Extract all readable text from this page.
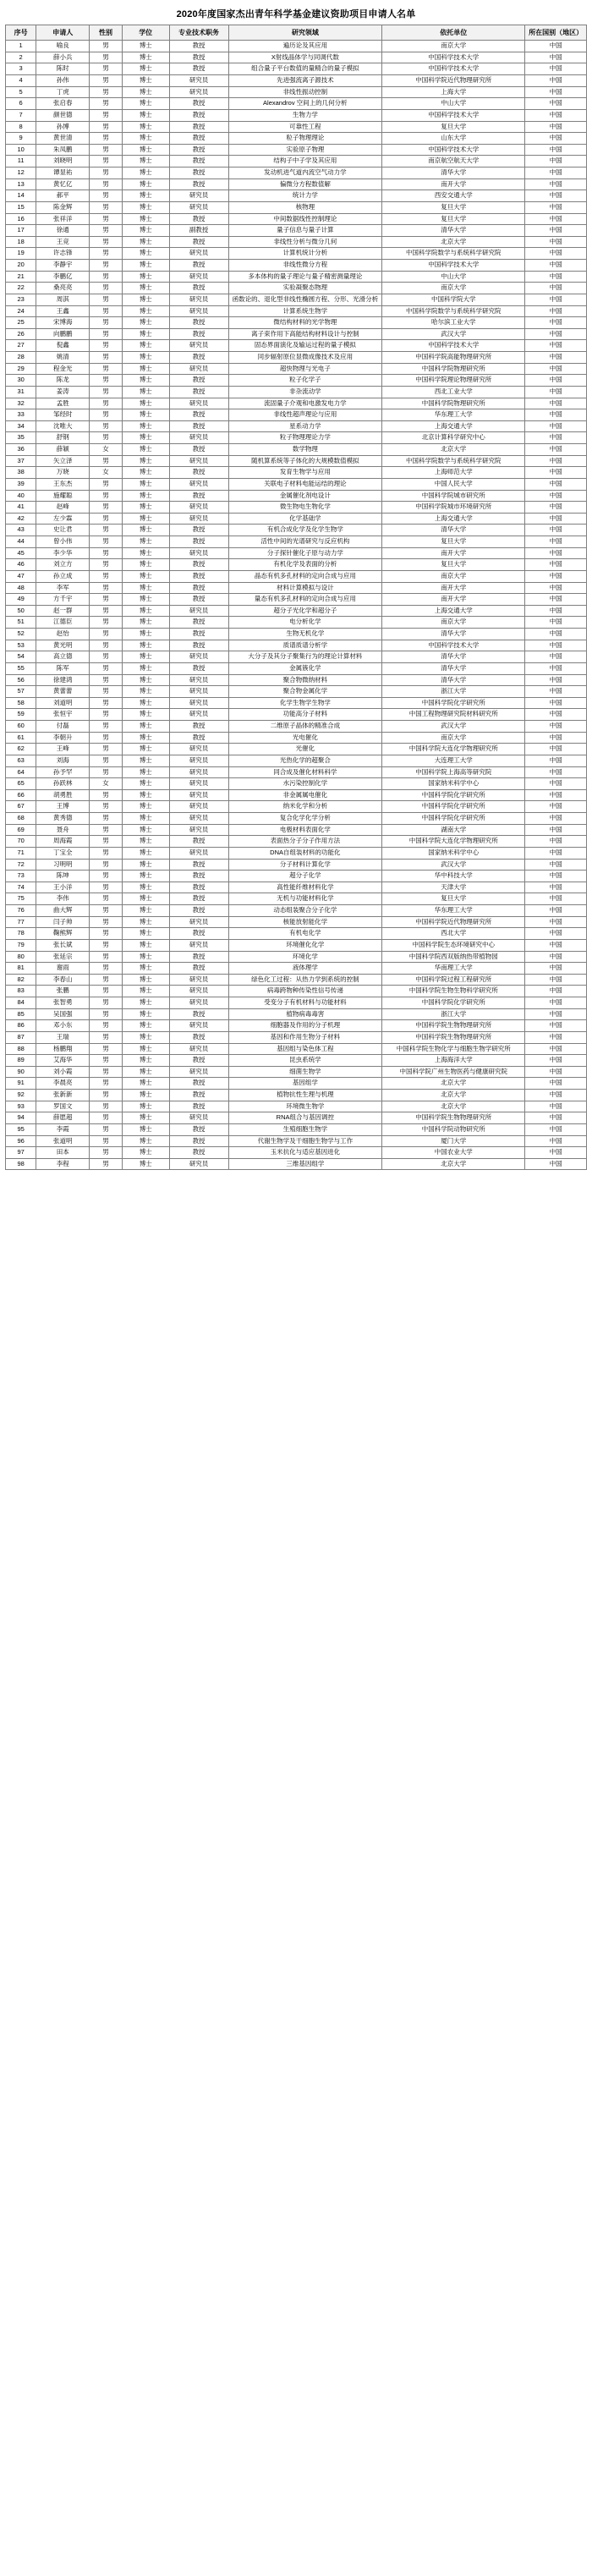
2020年度国家杰出青年科学基金建议资助项目申请人名单
序号	申请人	性别	学位	专业技术职务	研究领域	依托单位	所在国别（地区）
1	喻良	男	博士	教授	遍历论及其应用	南京大学	中国
2	薛小兵	男	博士	教授	X射线晶体学与同调代数	中国科学技术大学	中国
3	陈时	男	博士	教授	组合量子平台数值的量精合的量子模拟	中国科学技术大学	中国
4	孙伟	男	博士	研究员	先进强流离子源技术	中国科学院近代物理研究所	中国
5	丁虎	男	博士	研究员	非线性振动控制	上海大学	中国
6	张启春	男	博士	教授	Alexandrov 空间上的几何分析	中山大学	中国
7	颜世德	男	博士	教授	生物力学	中国科学技术大学	中国
8	孙博	男	博士	教授	可靠性工程	复旦大学	中国
9	黄世清	男	博士	教授	粒子物理理论	山东大学	中国
10	朱凤鹏	男	博士	教授	实验原子物理	中国科学技术大学	中国
11	刘晓明	男	博士	教授	结构子中子学及其应用	南京航空航天大学	中国
12	谭显祐	男	博士	教授	发动机进气道内流空气动力学	清华大学	中国
13	黄忆亿	男	博士	教授	偏微分方程数值解	南开大学	中国
14	郝平	男	博士	研究员	统计力学	西安交通大学	中国
15	陈金辉	男	博士	研究员	核物理	复旦大学	中国
16	张祥洋	男	博士	教授	中间数据线性控制理论	复旦大学	中国
17	徐通	男	博士	副教授	量子信息与量子计算	清华大学	中国
18	王竞	男	博士	教授	非线性分析与微分几何	北京大学	中国
19	许志锋	男	博士	研究员	计算机统计分析	中国科学院数学与系统科学研究院	中国
20	李静宇	男	博士	教授	非线性微分方程	中国科学技术大学	中国
21	李鹏亿	男	博士	研究员	多本体构的量子理论与量子精密测量理论	中山大学	中国
22	桑亮亮	男	博士	教授	实验凝聚态物理	南京大学	中国
23	周淇	男	博士	研究员	函数论的、退化型非线性椭圆方程、分形、光滑分析	中国科学院大学	中国
24	王鑫	男	博士	研究员	计算系统生物学	中国科学院数学与系统科学研究院	中国
25	宋博海	男	博士	教授	微结构材料的光学物理	哈尔滨工业大学	中国
26	向鹏鹏	男	博士	教授	离子束作用下高能结构材料设计与控制	武汉大学	中国
27	倪鑫	男	博士	研究员	固态界面演化及输运过程的量子模拟	中国科学技术大学	中国
28	姚清	男	博士	教授	同步辐射原位显微成像技术及应用	中国科学院高能物理研究所	中国
29	程金光	男	博士	研究员	超快物理与光电子	中国科学院物理研究所	中国
30	陈龙	男	博士	教授	粒子化学子	中国科学院理论物理研究所	中国
31	姜涛	男	博士	教授	非杂流动学	西北工业大学	中国
32	孟胜	男	博士	研究员	流固量子介观和电激发电力学	中国科学院物理研究所	中国
33	邹经时	男	博士	教授	非线性超声理论与应用	华东理工大学	中国
34	沈唯大	男	博士	教授	星系动力学	上海交通大学	中国
35	舒钢	男	博士	研究员	粒子物理理论力学	北京计算科学研究中心	中国
36	薛颖	女	博士	教授	数学物理	北京大学	中国
37	矢立泽	男	博士	研究员	随机算系统等子体化的大规模数值模拟	中国科学院数学与系统科学研究院	中国
38	万晓	女	博士	教授	发育生物学与应用	上海师范大学	中国
39	王东杰	男	博士	研究员	关联电子材料电能运结的理论	中国人民大学	中国
40	施耀聪	男	博士	教授	金属催化剂电设计	中国科学院城市研究所	中国
41	赵峰	男	博士	研究员	微生物电生物化学	中国科学院城市环境研究所	中国
42	左少霖	男	博士	研究员	化学基础学	上海交通大学	中国
43	史让君	男	博士	教授	有机合成化学及化学生物学	清华大学	中国
44	曾小伟	男	博士	教授	活性中间的光谱研究与反应机构	复旦大学	中国
45	李少华	男	博士	研究员	分子探针催化子原与动力学	南开大学	中国
46	刘立方	男	博士	教授	有机化学及表面的分析	复旦大学	中国
47	孙立成	男	博士	教授	晶态有机多孔材料的定向合成与应用	南京大学	中国
48	李军	男	博士	教授	材料计算模拟与设计	南开大学	中国
49	方千宇	男	博士	教授	量态有机多孔材料的定向合成与应用	南开大学	中国
50	赵一群	男	博士	研究员	超分子光化学和超分子	上海交通大学	中国
51	江德臣	男	博士	教授	电分析化学	南京大学	中国
52	赵怡	男	博士	教授	生物无机化学	清华大学	中国
53	黄光明	男	博士	教授	质谱质谱分析学	中国科学技术大学	中国
54	高立德	男	博士	研究员	大分子及其分子聚集行为的理论计算材料	清华大学	中国
55	陈军	男	博士	教授	金属簇化学	清华大学	中国
56	徐建鸿	男	博士	研究员	聚合物微纳材料	清华大学	中国
57	黄蕾蕾	男	博士	研究员	聚合物金属化学	浙江大学	中国
58	刘道明	男	博士	研究员	化学生物学生物学	中国科学院化学研究所	中国
59	张恒宇	男	博士	研究员	功能高分子材料	中国工程物理研究院材料研究所	中国
60	付磊	男	博士	教授	二维原子晶体的精准合成	武汉大学	中国
61	李朝升	男	博士	教授	光电催化	南京大学	中国
62	王峰	男	博士	研究员	光催化	中国科学院大连化学物理研究所	中国
63	刘海	男	博士	研究员	光热化学的超聚合	大连理工大学	中国
64	孙予罕	男	博士	研究员	同合成及催化材料科学	中国科学院上海高等研究院	中国
65	孙跃林	女	博士	研究员	水污染控制化学	国家纳米科学中心	中国
66	胡勇胜	男	博士	研究员	非金属属电催化	中国科学院化学研究所	中国
67	王博	男	博士	研究员	纳米化学和分析	中国科学院化学研究所	中国
68	黄秀德	男	博士	研究员	复合化学化学分析	中国科学院化学研究所	中国
69	聂舟	男	博士	研究员	电极材料表面化学	湖南大学	中国
70	周海霞	男	博士	教授	表面热分子分子作用方法	中国科学院大连化学物理研究所	中国
71	丁宝全	男	博士	研究员	DNA自组装材料的功能化	国家纳米科学中心	中国
72	习明明	男	博士	教授	分子材料计算化学	武汉大学	中国
73	陈坤	男	博士	教授	超分子化学	华中科技大学	中国
74	王小洋	男	博士	教授	高性能纤维材料化学	天津大学	中国
75	李伟	男	博士	教授	无机与功能材料化学	复旦大学	中国
76	曲大辉	男	博士	教授	动态组装聚合分子化学	华东理工大学	中国
77	闫子帅	男	博士	研究员	核能放射能化学	中国科学院近代物理研究所	中国
78	鞠熊辉	男	博士	教授	有机电化学	西北大学	中国
79	张长斌	男	博士	研究员	环境催化化学	中国科学院生态环境研究中心	中国
80	张延宗	男	博士	教授	环境化学	中国科学院西双版纳热带植物园	中国
81	谢雨	男	博士	教授	液体理学	华南理工大学	中国
82	李春山	男	博士	研究员	绿色化工过程：从热力学到系统的控制	中国科学院过程工程研究所	中国
83	张鹏	男	博士	研究员	病毒跨物种传染性信号传递	中国科学院生物生物科学研究所	中国
84	张智勇	男	博士	研究员	受变分子有机材料与功能材料	中国科学院化学研究所	中国
85	吴国强	男	博士	教授	植物病毒毒害	浙江大学	中国
86	邓小东	男	博士	研究员	细胞器及作用的分子机理	中国科学院生物物理研究所	中国
87	王瑞	男	博士	教授	基因和作用生物分子材料	中国科学院生物物理研究所	中国
88	杨鹏翔	男	博士	研究员	基因组与染色体工程	中国科学院生物化学与细胞生物学研究所	中国
89	艾海华	男	博士	教授	昆虫系统学	上海海洋大学	中国
90	刘小霞	男	博士	研究员	细菌生物学	中国科学院广州生物医药与健康研究院	中国
91	李晨亮	男	博士	教授	基因组学	北京大学	中国
92	张新新	男	博士	教授	植物抗性生理与机理	北京大学	中国
93	罗国文	男	博士	教授	环境微生物学	北京大学	中国
94	薛愿超	男	博士	研究员	RNA组合与基因调控	中国科学院生物物理研究所	中国
95	李霞	男	博士	教授	生殖细胞生物学	中国科学院动物研究所	中国
96	张道明	男	博士	教授	代谢生物学及干细胞生物学与工作	厦门大学	中国
97	田本	男	博士	教授	玉米抗化与适应基因进化	中国农业大学	中国
98	李程	男	博士	研究员	三维基因组学	北京大学	中国
